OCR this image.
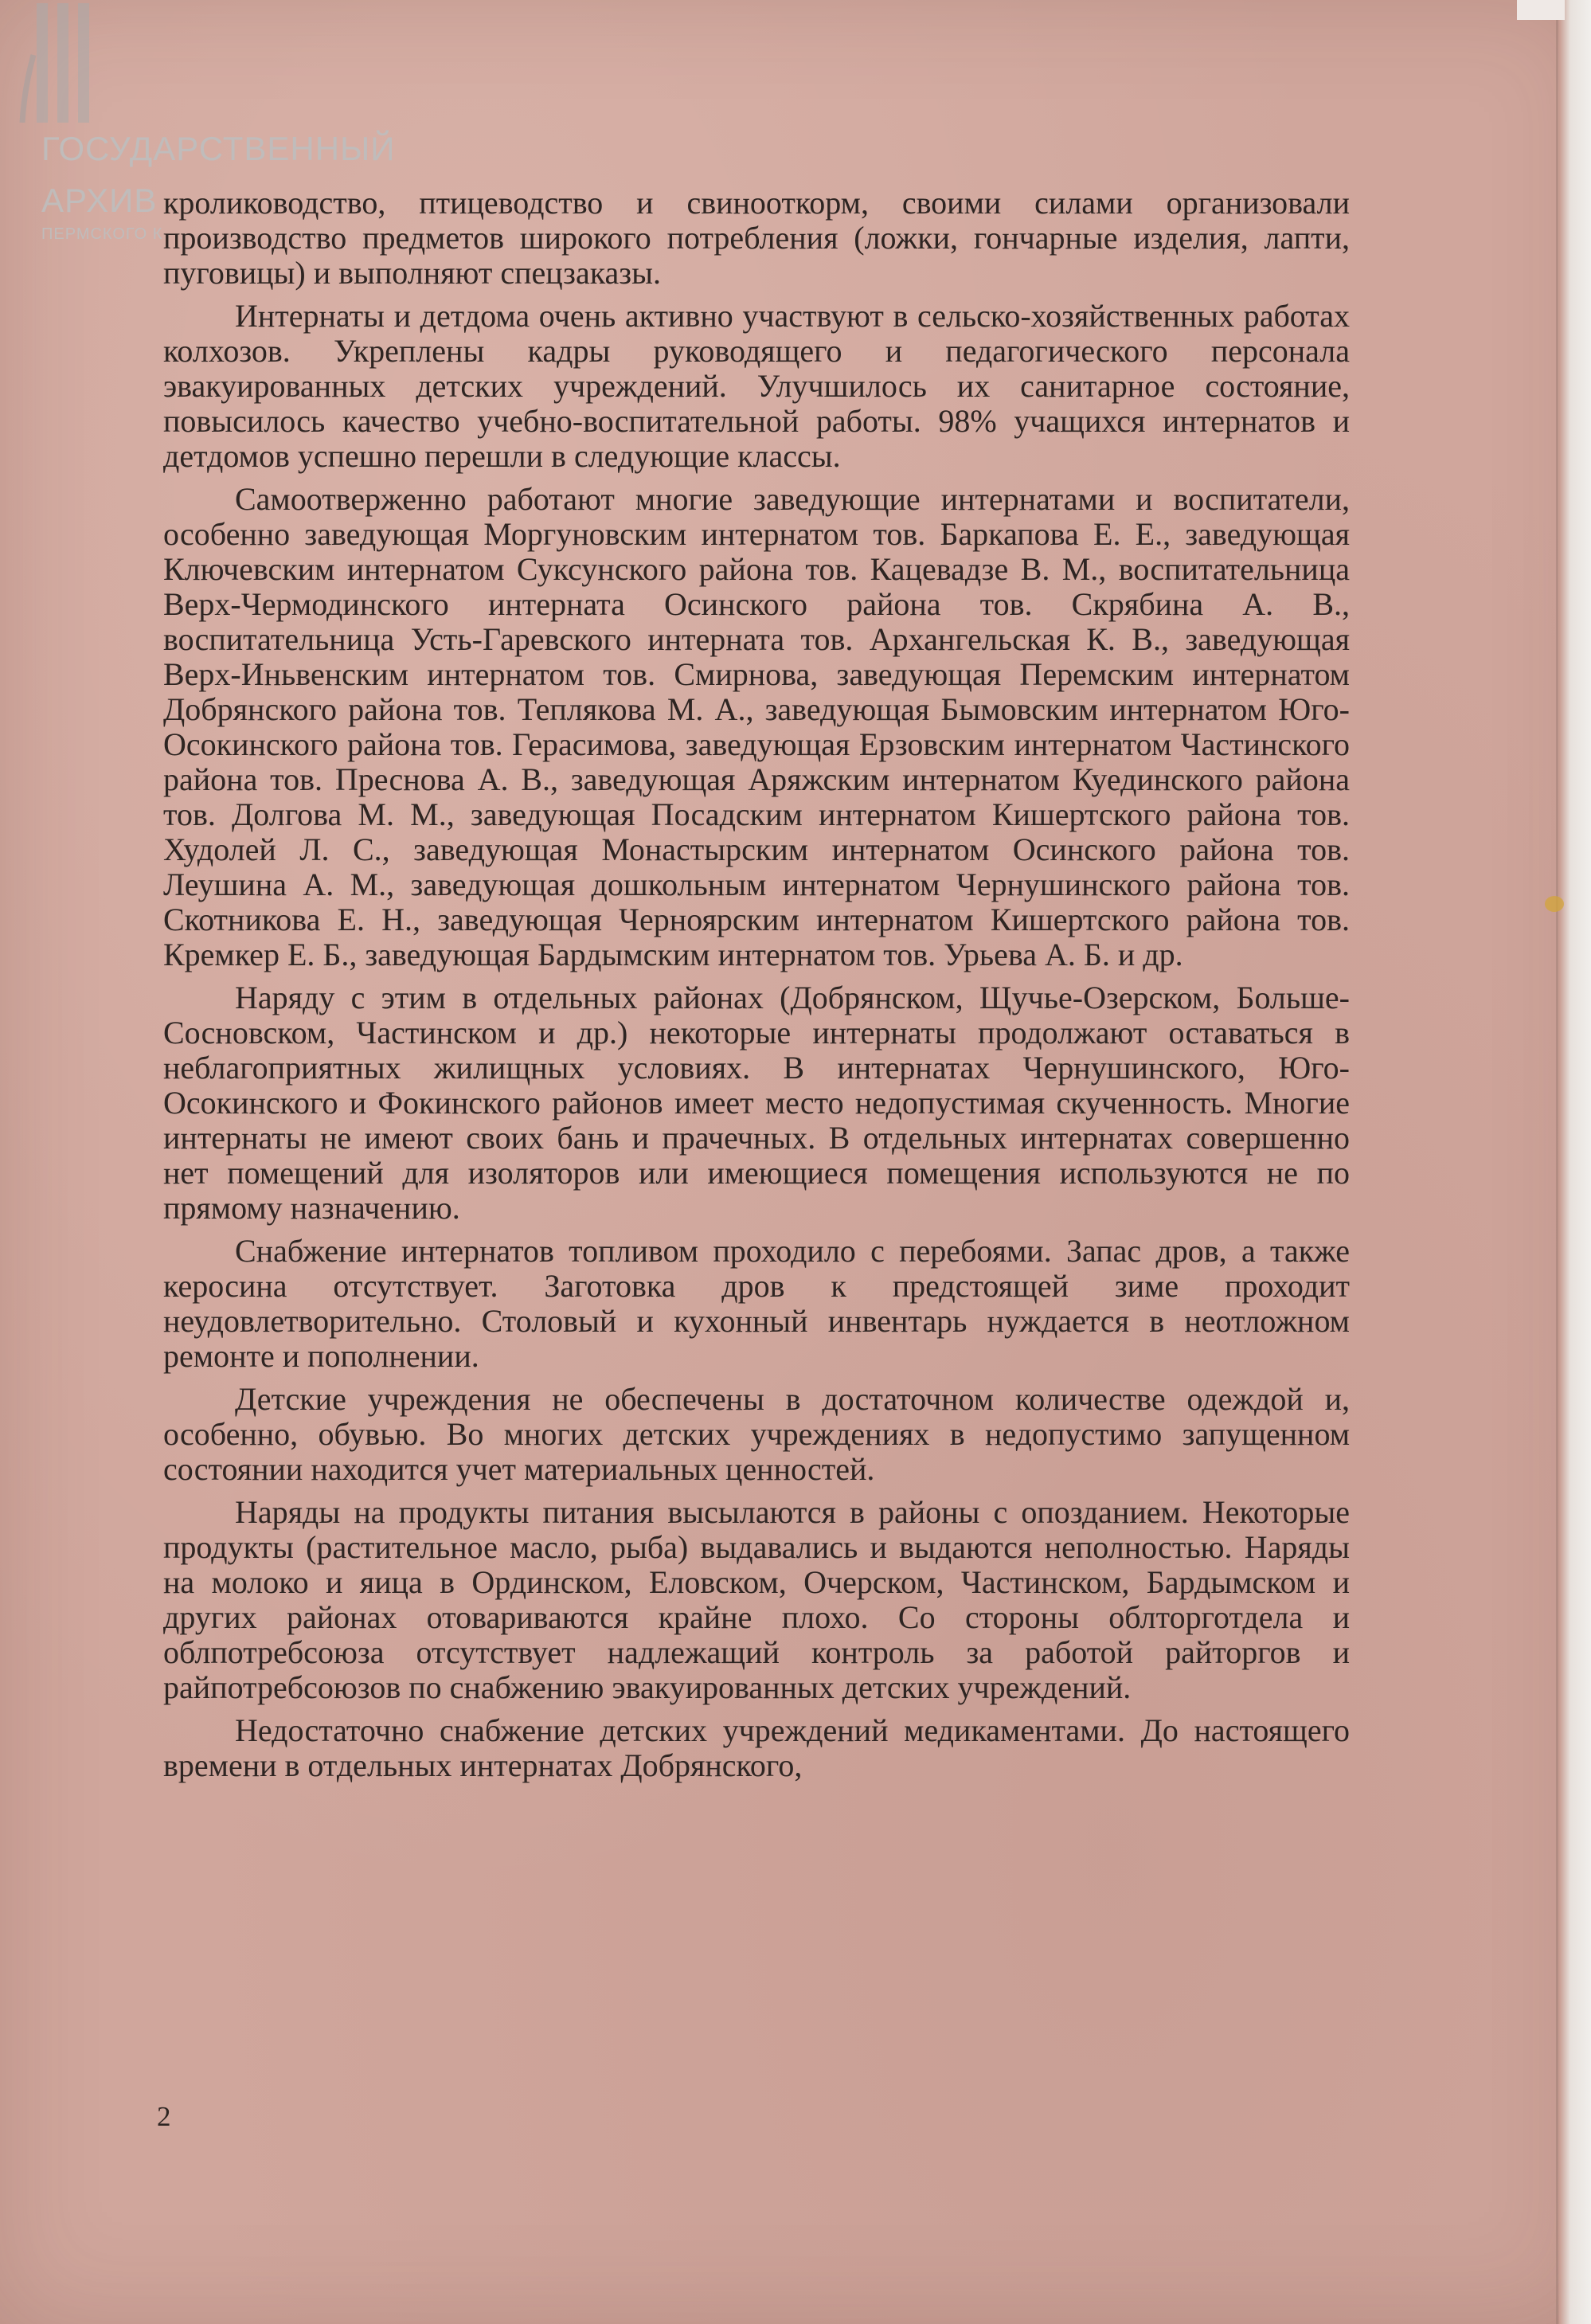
ГОСУДАРСТВЕННЫЙ
АРХИВ
ПЕРМСКОГО К

кролиководство, птицеводство и свинооткорм, своими силами организовали производство предметов широкого потребления (ложки, гончарные изделия, лапти, пуговицы) и выполняют спецзаказы.

Интернаты и детдома очень активно участвуют в сельско-хозяйственных работах колхозов. Укреплены кадры руководящего и педагогического персонала эвакуированных детских учреждений. Улучшилось их санитарное состояние, повысилось качество учебно-воспитательной работы. 98% учащихся интернатов и детдомов успешно перешли в следующие классы.

Самоотверженно работают многие заведующие интернатами и воспитатели, особенно заведующая Моргуновским интернатом тов. Баркапова Е. Е., заведующая Ключевским интернатом Суксунского района тов. Кацевадзе В. М., воспитательница Верх-Чермодинского интерната Осинского района тов. Скрябина А. В., воспитательница Усть-Гаревского интерната тов. Архангельская К. В., заведующая Верх-Иньвенским интернатом тов. Смирнова, заведующая Перемским интернатом Добрянского района тов. Теплякова М. А., заведующая Бымовским интернатом Юго-Осокинского района тов. Герасимова, заведующая Ерзовским интернатом Частинского района тов. Преснова А. В., заведующая Аряжским интернатом Куединского района тов. Долгова М. М., заведующая Посадским интернатом Кишертского района тов. Худолей Л. С., заведующая Монастырским интернатом Осинского района тов. Леушина А. М., заведующая дошкольным интернатом Чернушинского района тов. Скотникова Е. Н., заведующая Черноярским интернатом Кишертского района тов. Кремкер Е. Б., заведующая Бардымским интернатом тов. Урьева А. Б. и др.

Наряду с этим в отдельных районах (Добрянском, Щучье-Озерском, Больше-Сосновском, Частинском и др.) некоторые интернаты продолжают оставаться в неблагоприятных жилищных условиях. В интернатах Чернушинского, Юго-Осокинского и Фокинского районов имеет место недопустимая скученность. Многие интернаты не имеют своих бань и прачечных. В отдельных интернатах совершенно нет помещений для изоляторов или имеющиеся помещения используются не по прямому назначению.

Снабжение интернатов топливом проходило с перебоями. Запас дров, а также керосина отсутствует. Заготовка дров к предстоящей зиме проходит неудовлетворительно. Столовый и кухонный инвентарь нуждается в неотложном ремонте и пополнении.

Детские учреждения не обеспечены в достаточном количестве одеждой и, особенно, обувью. Во многих детских учреждениях в недопустимо запущенном состоянии находится учет материальных ценностей.

Наряды на продукты питания высылаются в районы с опозданием. Некоторые продукты (растительное масло, рыба) выдавались и выдаются неполностью. Наряды на молоко и яица в Ординском, Еловском, Очерском, Частинском, Бардымском и других районах отовариваются крайне плохо. Со стороны облторготдела и облпотребсоюза отсутствует надлежащий контроль за работой райторгов и райпотребсоюзов по снабжению эвакуированных детских учреждений.

Недостаточно снабжение детских учреждений медикаментами. До настоящего времени в отдельных интернатах Добрянского,

2
